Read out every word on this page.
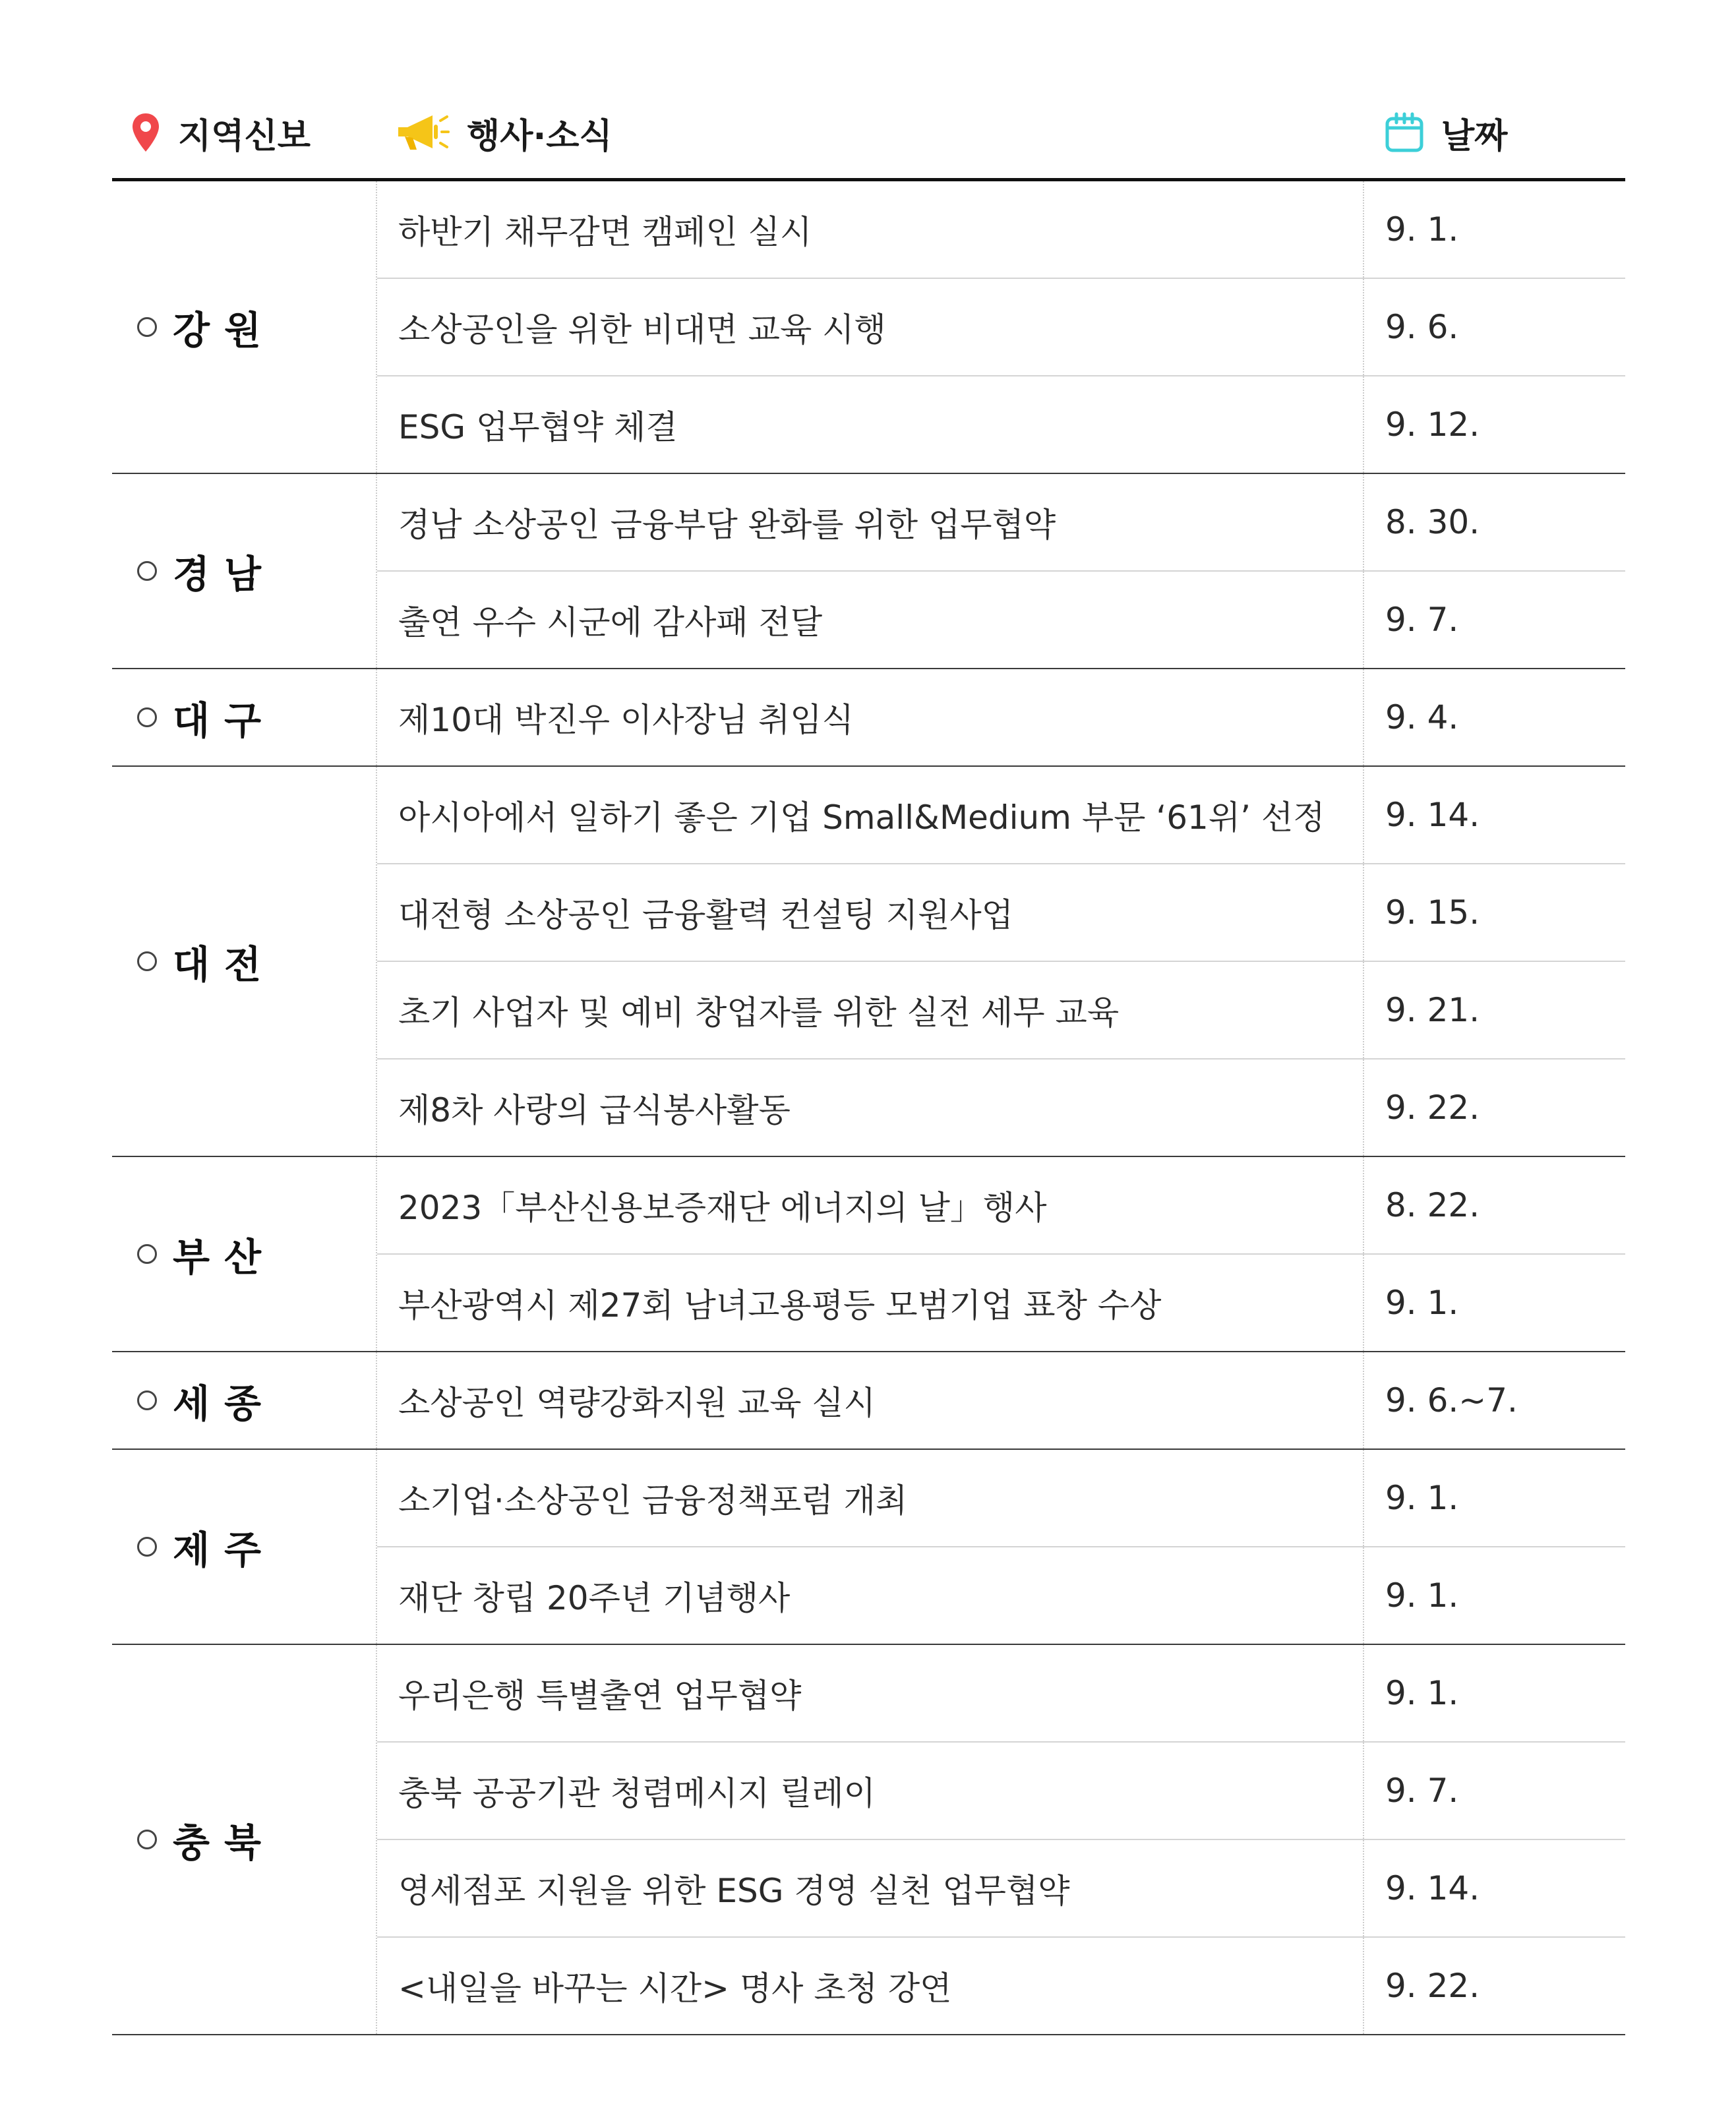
지역신보	행사·소식	날짜
강원
하반기 채무감면 캠페인 실시	9. 1.
소상공인을 위한 비대면 교육 시행	9. 6.
ESG 업무협약 체결	9. 12.
경남
경남 소상공인 금융부담 완화를 위한 업무협약	8. 30.
출연 우수 시군에 감사패 전달	9. 7.
대구	제10대 박진우 이사장님 취임식	9. 4.
대전
아시아에서 일하기 좋은 기업 Small&Medium 부문 ‘61위’ 선정	9. 14.
대전형 소상공인 금융활력 컨설팅 지원사업	9. 15.
초기 사업자 및 예비 창업자를 위한 실전 세무 교육	9. 21.
제8차 사랑의 급식봉사활동	9. 22.
부산
2023「부산신용보증재단 에너지의 날」행사	8. 22.
부산광역시 제27회 남녀고용평등 모범기업 표창 수상	9. 1.
세종	소상공인 역량강화지원 교육 실시	9. 6.~7.
제주
소기업·소상공인 금융정책포럼 개최	9. 1.
재단 창립 20주년 기념행사	9. 1.
충북
우리은행 특별출연 업무협약	9. 1.
충북 공공기관 청렴메시지 릴레이	9. 7.
영세점포 지원을 위한 ESG 경영 실천 업무협약	9. 14.
<내일을 바꾸는 시간> 명사 초청 강연	9. 22.
